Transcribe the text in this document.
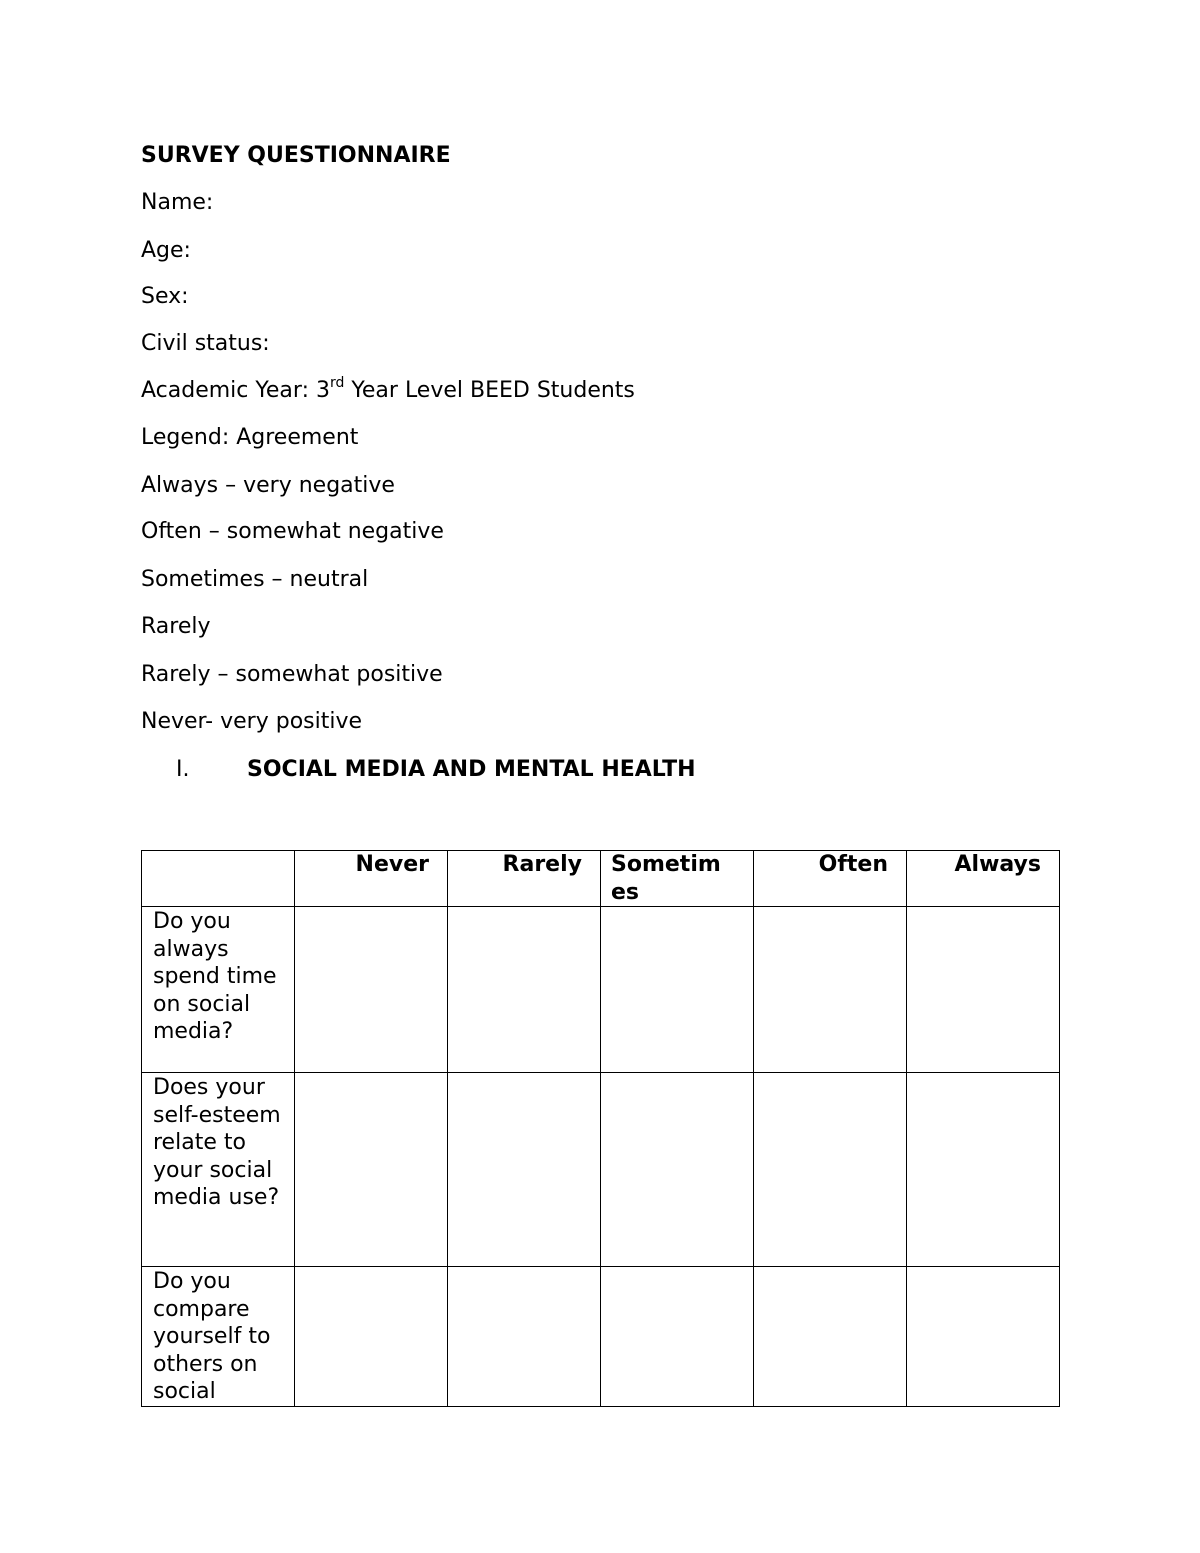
SURVEY QUESTIONNAIRE
Name:
Age:
Sex:
Civil status:
Academic Year: 3rd Year Level BEED Students
Legend: Agreement
Always – very negative
Often – somewhat negative
Sometimes – neutral
Rarely
Rarely – somewhat positive
Never- very positive
I.	SOCIAL MEDIA AND MENTAL HEALTH
	Never	Rarely	Sometimes	Often	Always
Do you always spend time on social media?					
Does your self-esteem relate to your social media use?					
Do you compare yourself to others on social					
